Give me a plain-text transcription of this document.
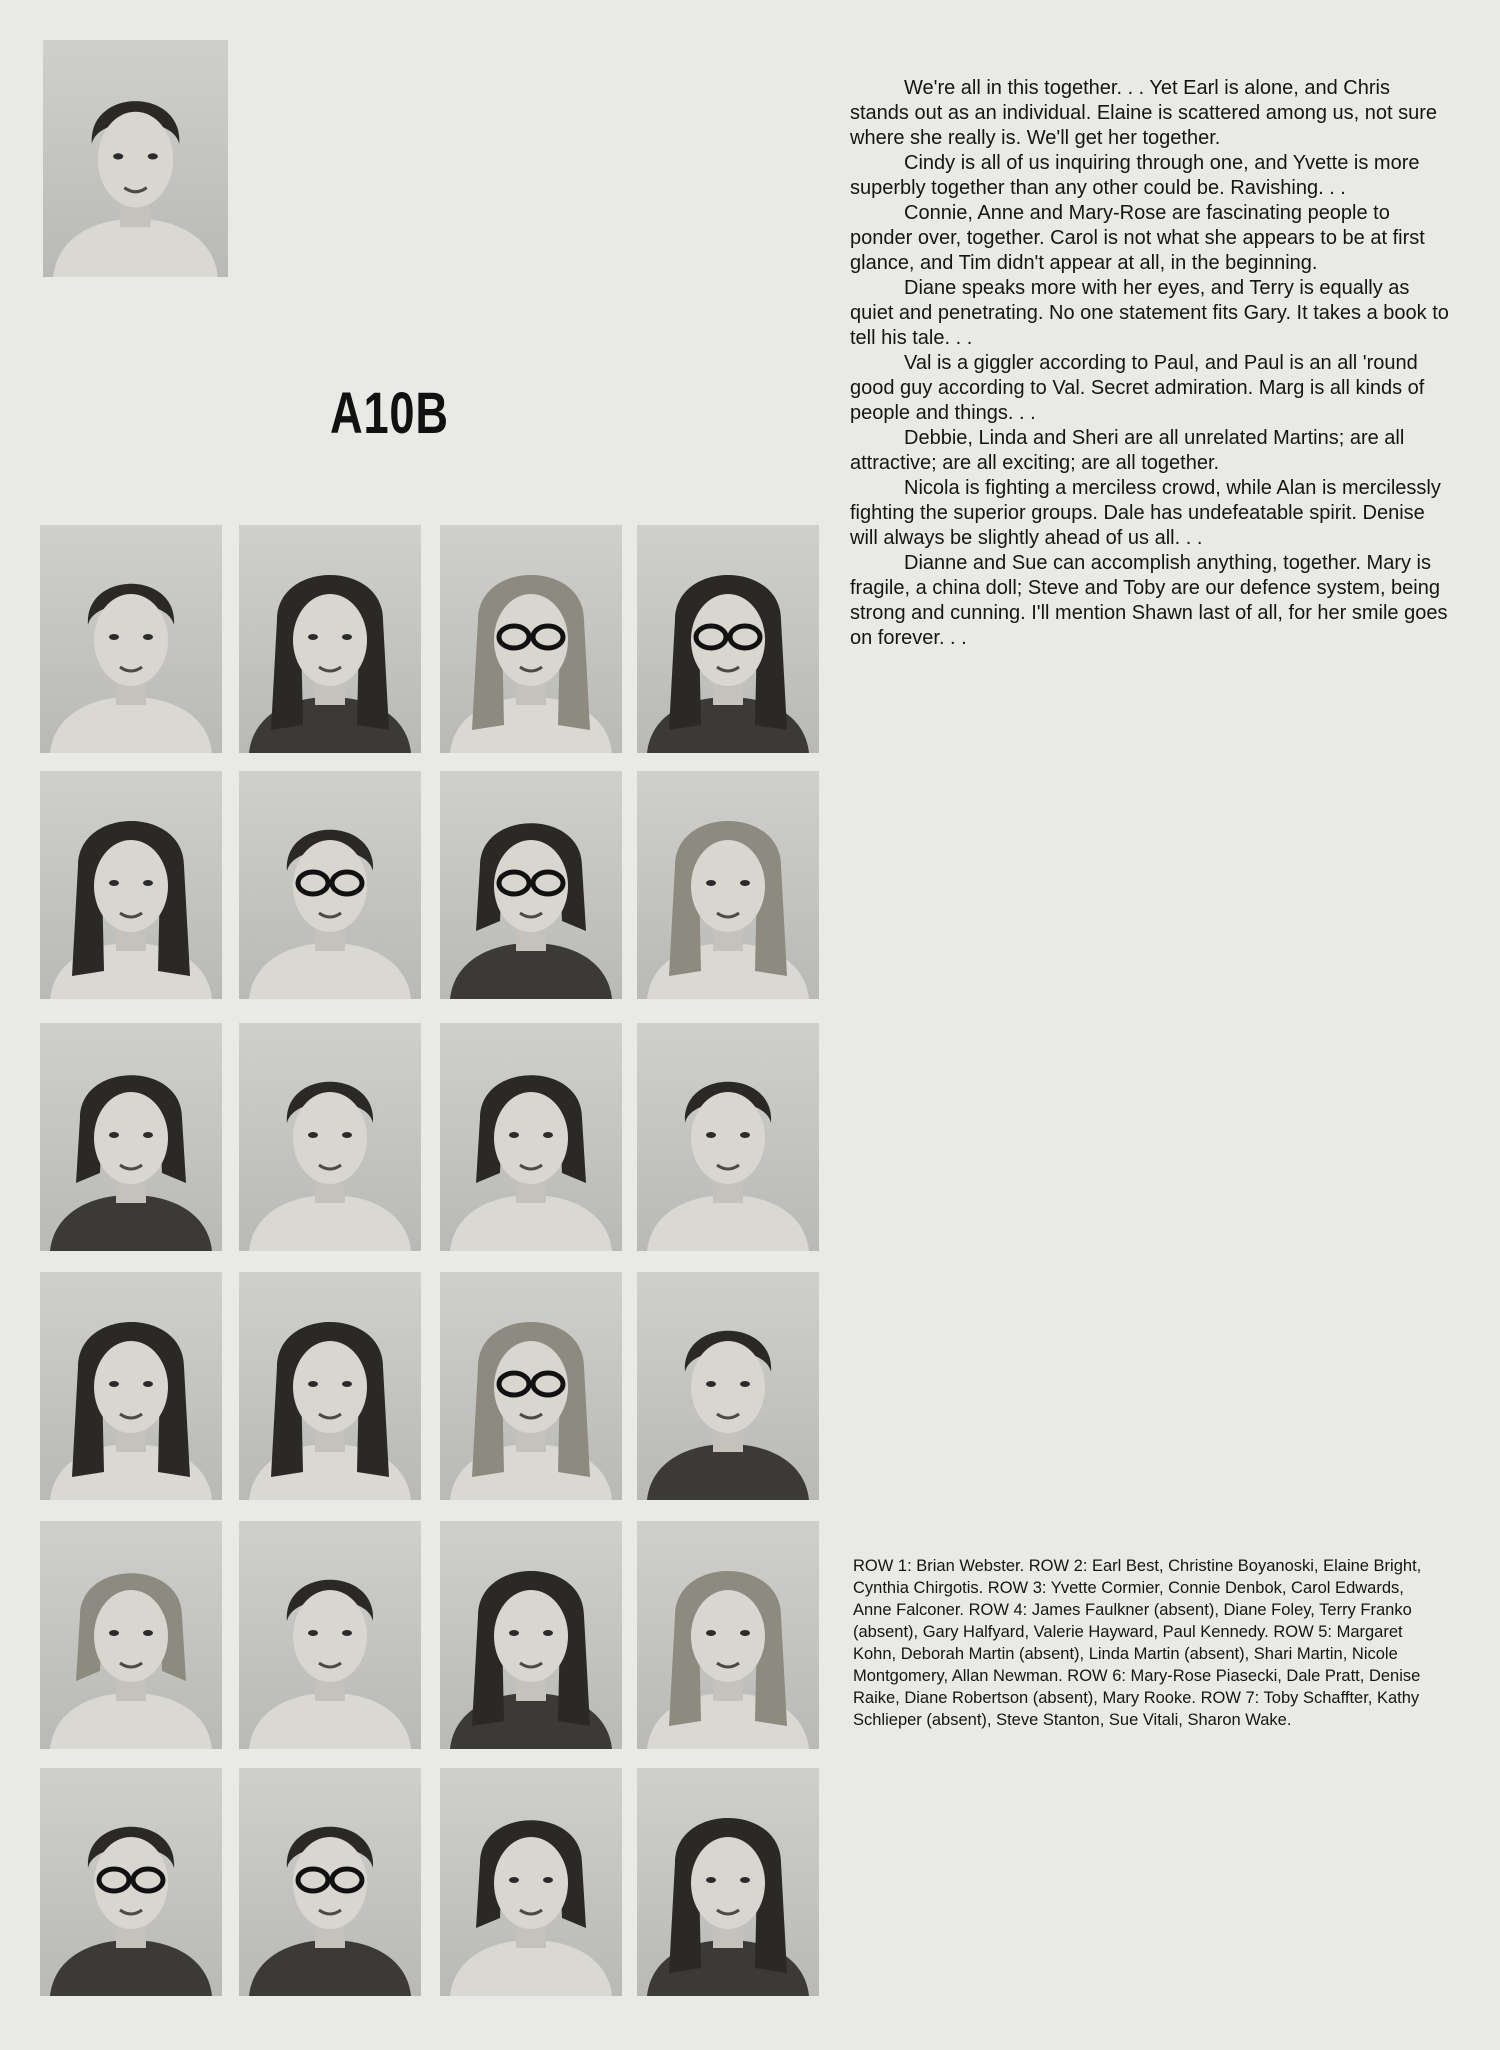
A10B

We're all in this together. . . Yet Earl is alone, and Chris stands out as an individual. Elaine is scattered among us, not sure where she really is. We'll get her together.

Cindy is all of us inquiring through one, and Yvette is more superbly together than any other could be. Ravishing. . .

Connie, Anne and Mary-Rose are fascinating people to ponder over, together. Carol is not what she appears to be at first glance, and Tim didn't appear at all, in the beginning.

Diane speaks more with her eyes, and Terry is equally as quiet and penetrating. No one statement fits Gary. It takes a book to tell his tale. . .

Val is a giggler according to Paul, and Paul is an all 'round good guy according to Val. Secret admiration. Marg is all kinds of people and things. . .

Debbie, Linda and Sheri are all unrelated Martins; are all attractive; are all exciting; are all together.

Nicola is fighting a merciless crowd, while Alan is mercilessly fighting the superior groups. Dale has undefeatable spirit. Denise will always be slightly ahead of us all. . .

Dianne and Sue can accomplish anything, together. Mary is fragile, a china doll; Steve and Toby are our defence system, being strong and cunning. I'll mention Shawn last of all, for her smile goes on forever. . .

ROW 1: Brian Webster. ROW 2: Earl Best, Christine Boyanoski, Elaine Bright, Cynthia Chirgotis. ROW 3: Yvette Cormier, Connie Denbok, Carol Edwards, Anne Falconer. ROW 4: James Faulkner (absent), Diane Foley, Terry Franko (absent), Gary Halfyard, Valerie Hayward, Paul Kennedy. ROW 5: Margaret Kohn, Deborah Martin (absent), Linda Martin (absent), Shari Martin, Nicole Montgomery, Allan Newman. ROW 6: Mary-Rose Piasecki, Dale Pratt, Denise Raike, Diane Robertson (absent), Mary Rooke. ROW 7: Toby Schaffter, Kathy Schlieper (absent), Steve Stanton, Sue Vitali, Sharon Wake.
